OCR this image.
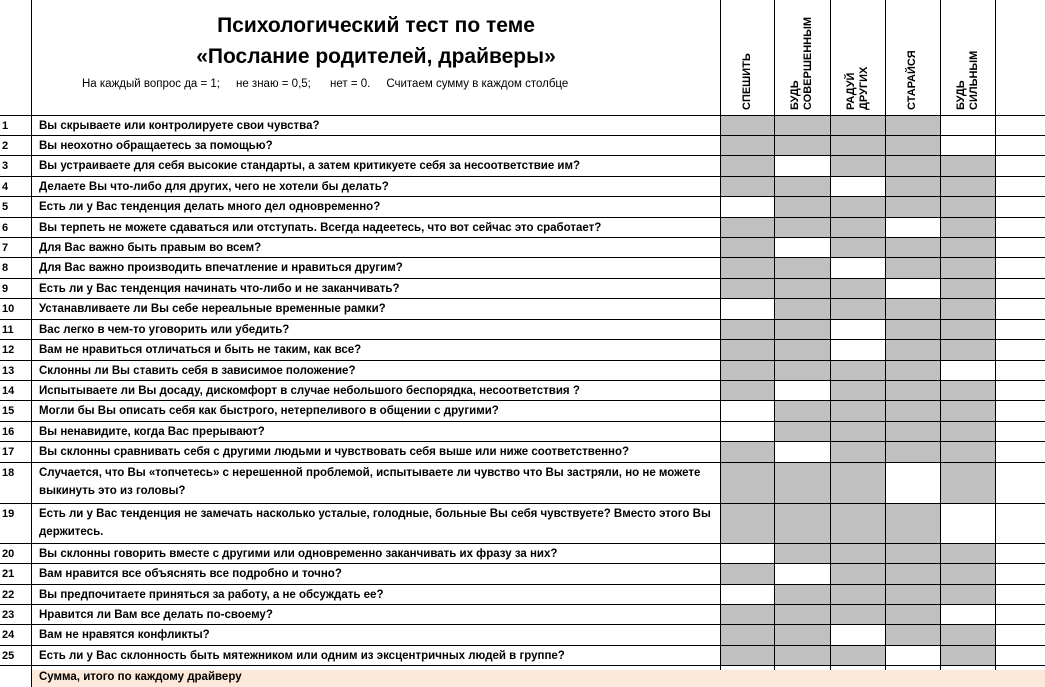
Психологический тест по теме
«Послание родителей, драйверы»
На каждый вопрос да = 1;     не знаю = 0,5;      нет = 0.     Считаем сумму в каждом столбце	СПЕШИТЬ	БУДЬ СОВЕРШЕННЫМ	РАДУЙ ДРУГИХ	СТАРАЙСЯ	БУДЬ СИЛЬНЫМ
1	Вы скрываете или контролируете свои чувства?
2	Вы неохотно обращаетесь за помощью?
3	Вы устраиваете для себя высокие стандарты, а затем критикуете себя за несоответствие им?
4	Делаете Вы что-либо для других, чего не хотели бы делать?
5	Есть ли у Вас тенденция делать много дел одновременно?
6	Вы терпеть не можете сдаваться или отступать. Всегда надеетесь, что вот сейчас это сработает?
7	Для Вас важно быть правым во всем?
8	Для Вас важно производить впечатление и нравиться другим?
9	Есть ли у Вас тенденция начинать что-либо и не заканчивать?
10 Устанавливаете ли Вы себе нереальные временные рамки?
11 Вас легко в чем-то уговорить или убедить?
12 Вам не нравиться отличаться и быть не таким, как все?
13 Склонны ли Вы ставить себя в зависимое положение?
14 Испытываете ли Вы досаду, дискомфорт в случае небольшого беспорядка, несоответствия ?
15 Могли бы Вы описать себя как быстрого, нетерпеливого в общении с другими?
16 Вы ненавидите, когда Вас прерывают?
17 Вы склонны сравнивать себя с другими людьми и чувствовать себя выше или ниже соответственно?
18 Случается, что Вы «топчетесь» с нерешенной проблемой, испытываете ли чувство что Вы застряли, но не можете выкинуть это из головы?
19 Есть ли у Вас тенденция не замечать насколько усталые, голодные, больные Вы себя чувствуете? Вместо этого Вы держитесь.
20 Вы склонны говорить вместе с другими или одновременно заканчивать их фразу за них?
21 Вам нравится все объяснять все подробно и точно?
22 Вы предпочитаете приняться за работу, а не обсуждать ее?
23 Нравится ли Вам все делать по-своему?
24 Вам не нравятся конфликты?
25 Есть ли у Вас склонность быть мятежником или одним из эксцентричных людей в группе?
Сумма, итого по каждому драйверу
